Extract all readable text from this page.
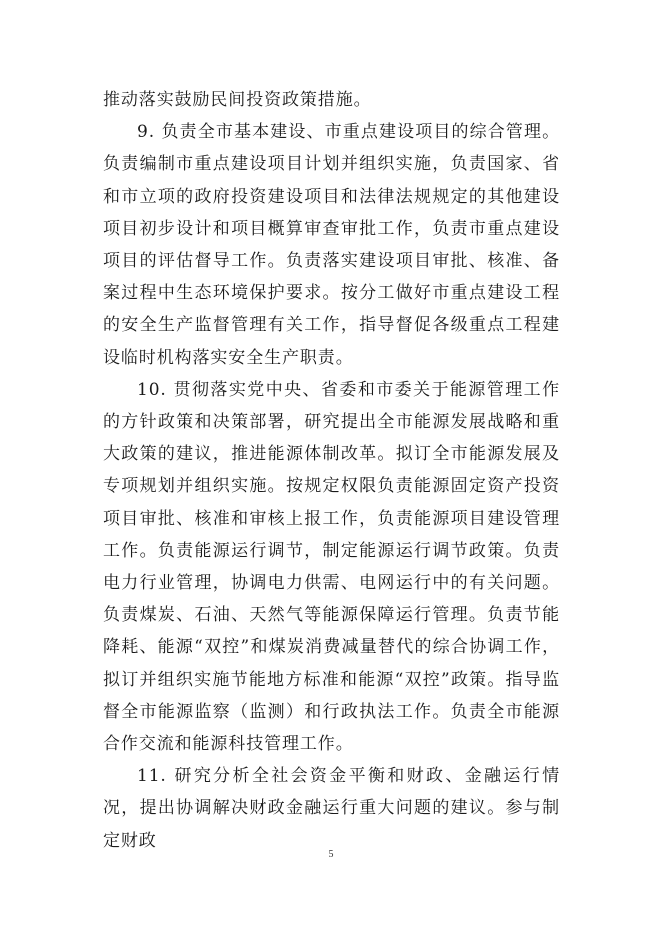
推动落实鼓励民间投资政策措施。

9. 负责全市基本建设、市重点建设项目的综合管理。负责编制市重点建设项目计划并组织实施，负责国家、省和市立项的政府投资建设项目和法律法规规定的其他建设项目初步设计和项目概算审查审批工作，负责市重点建设项目的评估督导工作。负责落实建设项目审批、核准、备案过程中生态环境保护要求。按分工做好市重点建设工程的安全生产监督管理有关工作，指导督促各级重点工程建设临时机构落实安全生产职责。

10. 贯彻落实党中央、省委和市委关于能源管理工作的方针政策和决策部署，研究提出全市能源发展战略和重大政策的建议，推进能源体制改革。拟订全市能源发展及专项规划并组织实施。按规定权限负责能源固定资产投资项目审批、核准和审核上报工作，负责能源项目建设管理工作。负责能源运行调节，制定能源运行调节政策。负责电力行业管理，协调电力供需、电网运行中的有关问题。负责煤炭、石油、天然气等能源保障运行管理。负责节能降耗、能源“双控”和煤炭消费减量替代的综合协调工作，拟订并组织实施节能地方标准和能源“双控”政策。指导监督全市能源监察（监测）和行政执法工作。负责全市能源合作交流和能源科技管理工作。

11. 研究分析全社会资金平衡和财政、金融运行情况，提出协调解决财政金融运行重大问题的建议。参与制定财政

5
